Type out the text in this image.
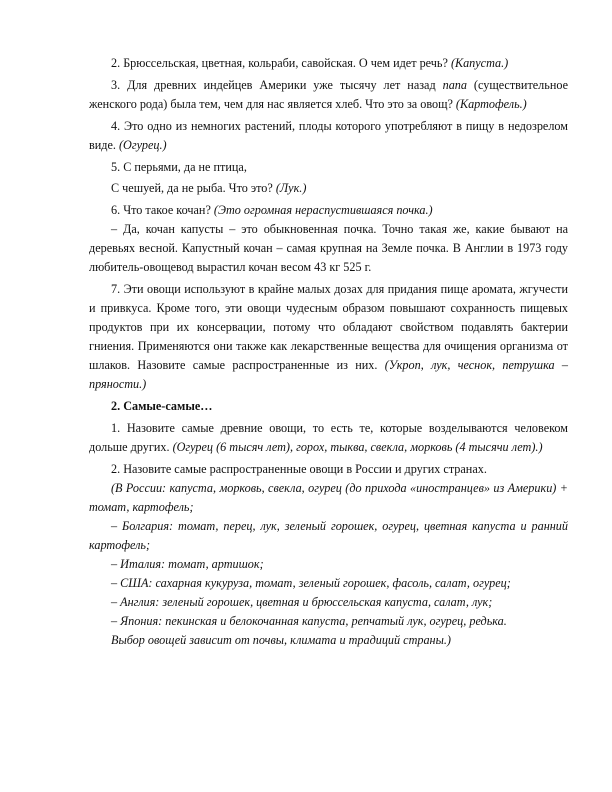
2. Брюссельская, цветная, кольраби, савойская. О чем идет речь? (Капуста.)

3. Для древних индейцев Америки уже тысячу лет назад папа (существительное женского рода) была тем, чем для нас является хлеб. Что это за овощ? (Картофель.)

4. Это одно из немногих растений, плоды которого употребляют в пищу в недозрелом виде. (Огурец.)

5. С перьями, да не птица,

С чешуей, да не рыба. Что это? (Лук.)

6. Что такое кочан? (Это огромная нераспустившаяся почка.)

– Да, кочан капусты – это обыкновенная почка. Точно такая же, какие бывают на деревьях весной. Капустный кочан – самая крупная на Земле почка. В Англии в 1973 году любитель-овощевод вырастил кочан весом 43 кг 525 г.

7. Эти овощи используют в крайне малых дозах для придания пище аромата, жгучести и привкуса. Кроме того, эти овощи чудесным образом повышают сохранность пищевых продуктов при их консервации, потому что обладают свойством подавлять бактерии гниения. Применяются они также как лекарственные вещества для очищения организма от шлаков. Назовите самые распространенные из них. (Укроп, лук, чеснок, петрушка – пряности.)

2. Самые-самые…

1. Назовите самые древние овощи, то есть те, которые возделываются человеком дольше других. (Огурец (6 тысяч лет), горох, тыква, свекла, морковь (4 тысячи лет).)

2. Назовите самые распространенные овощи в России и других странах.

(В России: капуста, морковь, свекла, огурец (до прихода «иностранцев» из Америки) + томат, картофель;

– Болгария: томат, перец, лук, зеленый горошек, огурец, цветная капуста и ранний картофель;

– Италия: томат, артишок;

– США: сахарная кукуруза, томат, зеленый горошек, фасоль, салат, огурец;

– Англия: зеленый горошек, цветная и брюссельская капуста, салат, лук;

– Япония: пекинская и белокочанная капуста, репчатый лук, огурец, редька.

Выбор овощей зависит от почвы, климата и традиций страны.)
